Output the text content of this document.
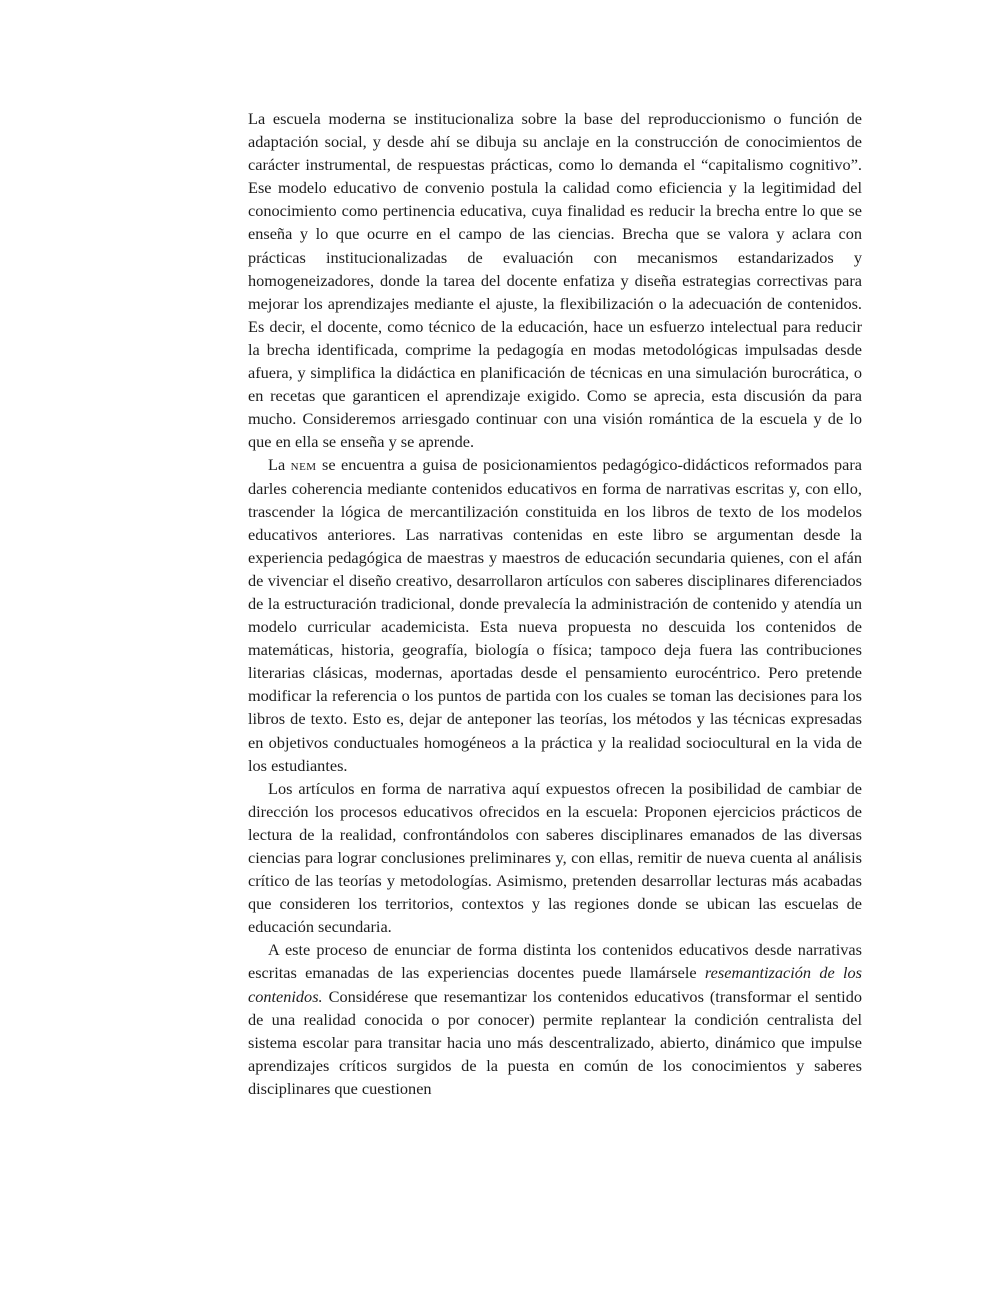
La escuela moderna se institucionaliza sobre la base del reproduccionismo o función de adaptación social, y desde ahí se dibuja su anclaje en la construcción de conocimientos de carácter instrumental, de respuestas prácticas, como lo demanda el “capitalismo cognitivo”. Ese modelo educativo de convenio postula la calidad como eficiencia y la legitimidad del conocimiento como pertinencia educativa, cuya finalidad es reducir la brecha entre lo que se enseña y lo que ocurre en el campo de las ciencias. Brecha que se valora y aclara con prácticas institucionalizadas de evaluación con mecanismos estandarizados y homogeneizadores, donde la tarea del docente enfatiza y diseña estrategias correctivas para mejorar los aprendizajes mediante el ajuste, la flexibilización o la adecuación de contenidos. Es decir, el docente, como técnico de la educación, hace un esfuerzo intelectual para reducir la brecha identificada, comprime la pedagogía en modas metodológicas impulsadas desde afuera, y simplifica la didáctica en planificación de técnicas en una simulación burocrática, o en recetas que garanticen el aprendizaje exigido. Como se aprecia, esta discusión da para mucho. Consideremos arriesgado continuar con una visión romántica de la escuela y de lo que en ella se enseña y se aprende.

La nem se encuentra a guisa de posicionamientos pedagógico-didácticos reformados para darles coherencia mediante contenidos educativos en forma de narrativas escritas y, con ello, trascender la lógica de mercantilización constituida en los libros de texto de los modelos educativos anteriores. Las narrativas contenidas en este libro se argumentan desde la experiencia pedagógica de maestras y maestros de educación secundaria quienes, con el afán de vivenciar el diseño creativo, desarrollaron artículos con saberes disciplinares diferenciados de la estructuración tradicional, donde prevalecía la administración de contenido y atendía un modelo curricular academicista. Esta nueva propuesta no descuida los contenidos de matemáticas, historia, geografía, biología o física; tampoco deja fuera las contribuciones literarias clásicas, modernas, aportadas desde el pensamiento eurocéntrico. Pero pretende modificar la referencia o los puntos de partida con los cuales se toman las decisiones para los libros de texto. Esto es, dejar de anteponer las teorías, los métodos y las técnicas expresadas en objetivos conductuales homogéneos a la práctica y la realidad sociocultural en la vida de los estudiantes.

Los artículos en forma de narrativa aquí expuestos ofrecen la posibilidad de cambiar de dirección los procesos educativos ofrecidos en la escuela: Proponen ejercicios prácticos de lectura de la realidad, confrontándolos con saberes disciplinares emanados de las diversas ciencias para lograr conclusiones preliminares y, con ellas, remitir de nueva cuenta al análisis crítico de las teorías y metodologías. Asimismo, pretenden desarrollar lecturas más acabadas que consideren los territorios, contextos y las regiones donde se ubican las escuelas de educación secundaria.

A este proceso de enunciar de forma distinta los contenidos educativos desde narrativas escritas emanadas de las experiencias docentes puede llamársele resemantización de los contenidos. Considérese que resemantizar los contenidos educativos (transformar el sentido de una realidad conocida o por conocer) permite replantear la condición centralista del sistema escolar para transitar hacia uno más descentralizado, abierto, dinámico que impulse aprendizajes críticos surgidos de la puesta en común de los conocimientos y saberes disciplinares que cuestionen
